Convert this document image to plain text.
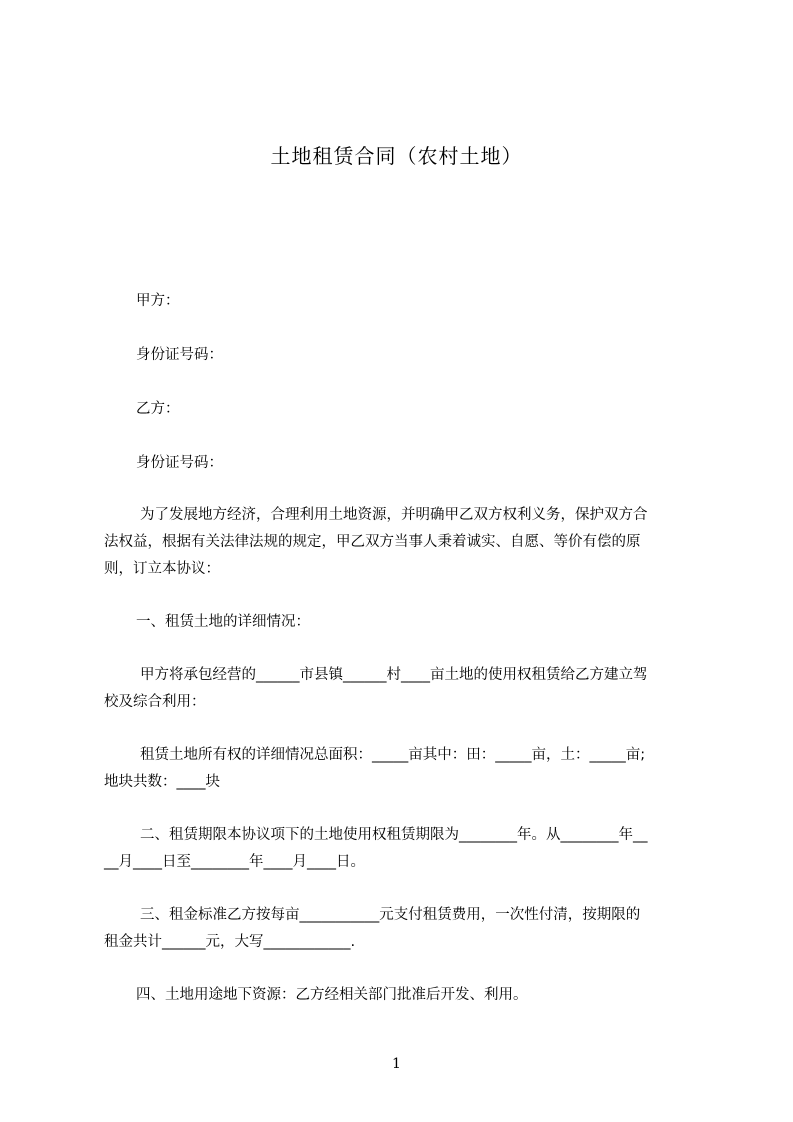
土地租赁合同（农村土地）
甲方：
身份证号码：
乙方：
身份证号码：
为了发展地方经济，合理利用土地资源，并明确甲乙双方权利义务，保护双方合
法权益，根据有关法律法规的规定，甲乙双方当事人秉着诚实、自愿、等价有偿的原
则，订立本协议：
一、租赁土地的详细情况：
甲方将承包经营的______市县镇______村____亩土地的使用权租赁给乙方建立驾
校及综合利用：
租赁土地所有权的详细情况总面积：_____亩其中：田：_____亩，土：_____亩;
地块共数：____块
二、租赁期限本协议项下的土地使用权租赁期限为________年。从________年__
__月____日至________年____月____日。
三、租金标准乙方按每亩___________元支付租赁费用，一次性付清，按期限的
租金共计______元，大写____________.
四、土地用途地下资源：乙方经相关部门批准后开发、利用。
1
